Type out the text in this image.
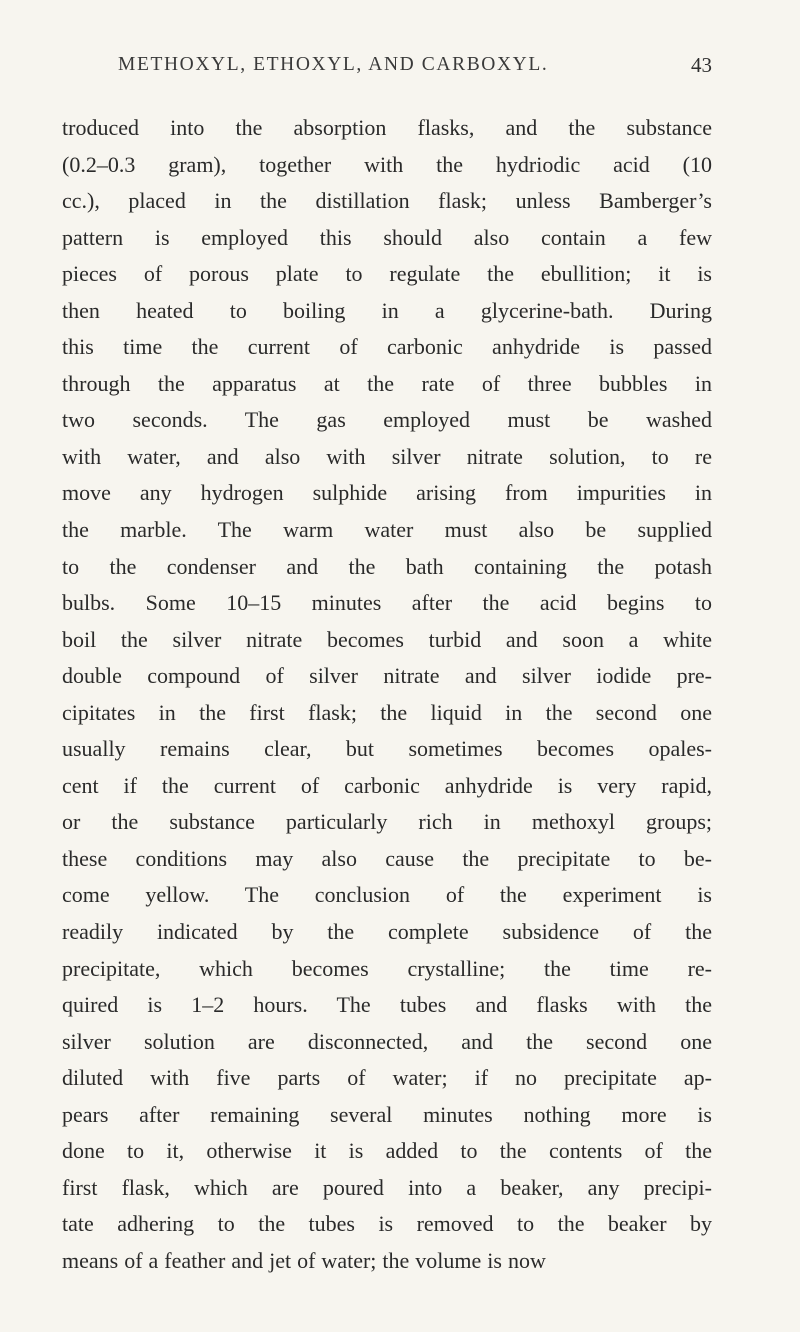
METHOXYL, ETHOXYL, AND CARBOXYL.	43
troduced into the absorption flasks, and the substance
(0.2–0.3 gram), together with the hydriodic acid (10
cc.), placed in the distillation flask; unless Bamberger’s
pattern is employed this should also contain a few
pieces of porous plate to regulate the ebullition; it is
then heated to boiling in a glycerine-bath. During
this time the current of carbonic anhydride is passed
through the apparatus at the rate of three bubbles in
two seconds. The gas employed must be washed
with water, and also with silver nitrate solution, to re
move any hydrogen sulphide arising from impurities in
the marble. The warm water must also be supplied
to the condenser and the bath containing the potash
bulbs. Some 10–15 minutes after the acid begins to
boil the silver nitrate becomes turbid and soon a white
double compound of silver nitrate and silver iodide pre-
cipitates in the first flask; the liquid in the second one
usually remains clear, but sometimes becomes opales-
cent if the current of carbonic anhydride is very rapid,
or the substance particularly rich in methoxyl groups;
these conditions may also cause the precipitate to be-
come yellow. The conclusion of the experiment is
readily indicated by the complete subsidence of the
precipitate, which becomes crystalline; the time re-
quired is 1–2 hours. The tubes and flasks with the
silver solution are disconnected, and the second one
diluted with five parts of water; if no precipitate ap-
pears after remaining several minutes nothing more is
done to it, otherwise it is added to the contents of the
first flask, which are poured into a beaker, any precipi-
tate adhering to the tubes is removed to the beaker by
means of a feather and jet of water; the volume is now
